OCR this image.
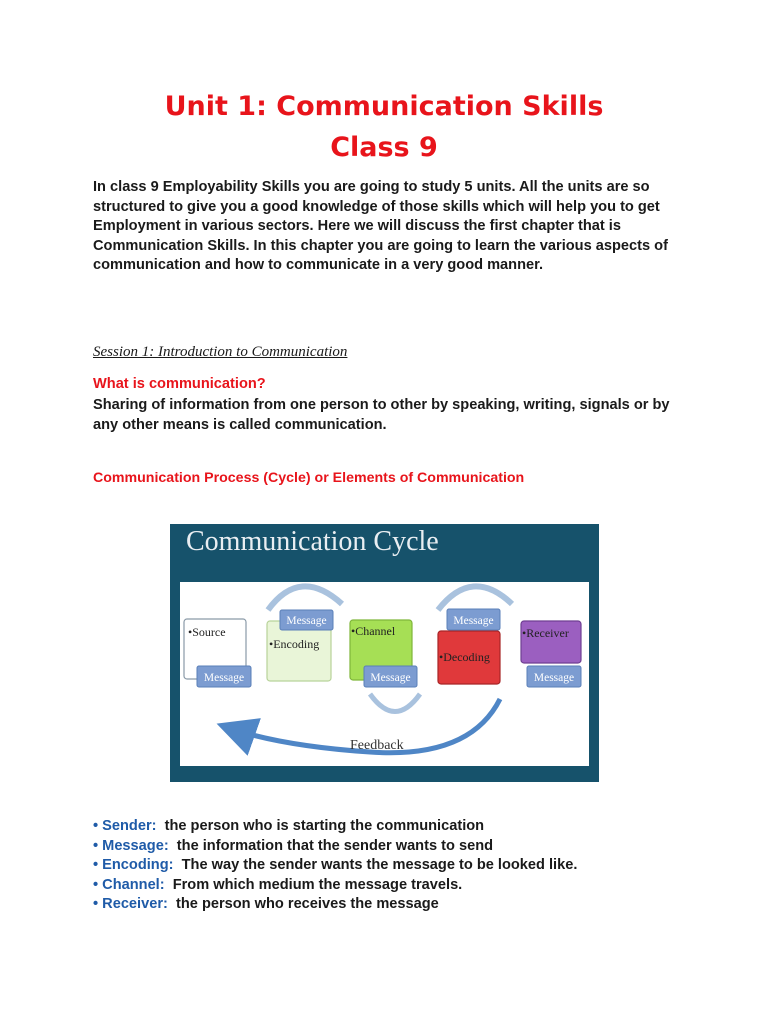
Unit 1: Communication Skills
Class 9
In class 9 Employability Skills you are going to study 5 units. All the units are so structured to give you a good knowledge of those skills which will help you to get Employment in various sectors. Here we will discuss the first chapter that is Communication Skills. In this chapter you are going to learn the various aspects of communication and how to communicate in a very good manner.
Session 1: Introduction to Communication
What is communication?
Sharing of information from one person to other by speaking, writing, signals or by any other means is called communication.
Communication Process (Cycle) or Elements of Communication
Communication Cycle
•Source
•Encoding
•Channel
•Decoding
•Receiver
Message
Message	Message
Message
Message
Feedback

• Sender: the person who is starting the communication

• Message: the information that the sender wants to send

• Encoding: The way the sender wants the message to be looked like.

• Channel: From which medium the message travels.

• Receiver: the person who receives the message
